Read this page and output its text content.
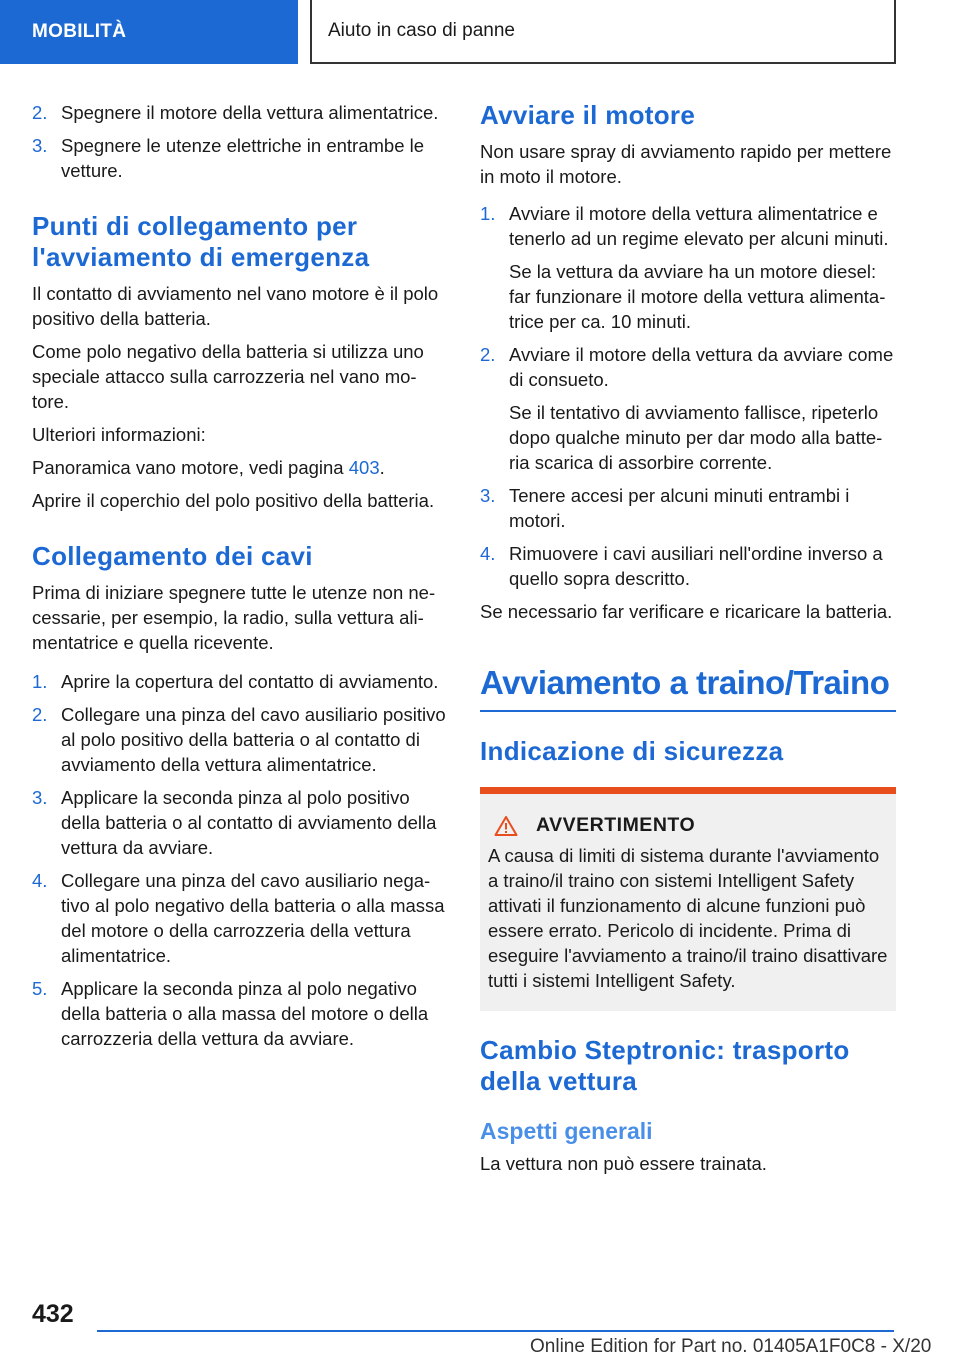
MOBILITÀ	Aiuto in caso di panne
2. Spegnere il motore della vettura alimentatrice.

3. Spegnere le utenze elettriche in entrambe le vetture.

Punti di collegamento per l'avviamento di emergenza

Il contatto di avviamento nel vano motore è il polo positivo della batteria.

Come polo negativo della batteria si utilizza uno speciale attacco sulla carrozzeria nel vano motore.

Ulteriori informazioni:

Panoramica vano motore, vedi pagina 403.

Aprire il coperchio del polo positivo della batteria.

Collegamento dei cavi

Prima di iniziare spegnere tutte le utenze non necessarie, per esempio, la radio, sulla vettura alimentatrice e quella ricevente.

1. Aprire la copertura del contatto di avviamento.

2. Collegare una pinza del cavo ausiliario positivo al polo positivo della batteria o al contatto di avviamento della vettura alimentatrice.

3. Applicare la seconda pinza al polo positivo della batteria o al contatto di avviamento della vettura da avviare.

4. Collegare una pinza del cavo ausiliario negativo al polo negativo della batteria o alla massa del motore o della carrozzeria della vettura alimentatrice.

5. Applicare la seconda pinza al polo negativo della batteria o alla massa del motore o della carrozzeria della vettura da avviare.

Avviare il motore

Non usare spray di avviamento rapido per mettere in moto il motore.

1. Avviare il motore della vettura alimentatrice e tenerlo ad un regime elevato per alcuni minuti.

Se la vettura da avviare ha un motore diesel: far funzionare il motore della vettura alimentatrice per ca. 10 minuti.

2. Avviare il motore della vettura da avviare come di consueto.

Se il tentativo di avviamento fallisce, ripeterlo dopo qualche minuto per dar modo alla batteria scarica di assorbire corrente.

3. Tenere accesi per alcuni minuti entrambi i motori.

4. Rimuovere i cavi ausiliari nell'ordine inverso a quello sopra descritto.

Se necessario far verificare e ricaricare la batteria.

Avviamento a traino/Traino
Indicazione di sicurezza
AVVERTIMENTO

A causa di limiti di sistema durante l'avviamento a traino/il traino con sistemi Intelligent Safety attivati il funzionamento di alcune funzioni può essere errato. Pericolo di incidente. Prima di eseguire l'avviamento a traino/il traino disattivare tutti i sistemi Intelligent Safety.

Cambio Steptronic: trasporto della vettura
Aspetti generali

La vettura non può essere trainata.

432
Online Edition for Part no. 01405A1F0C8 - X/20
